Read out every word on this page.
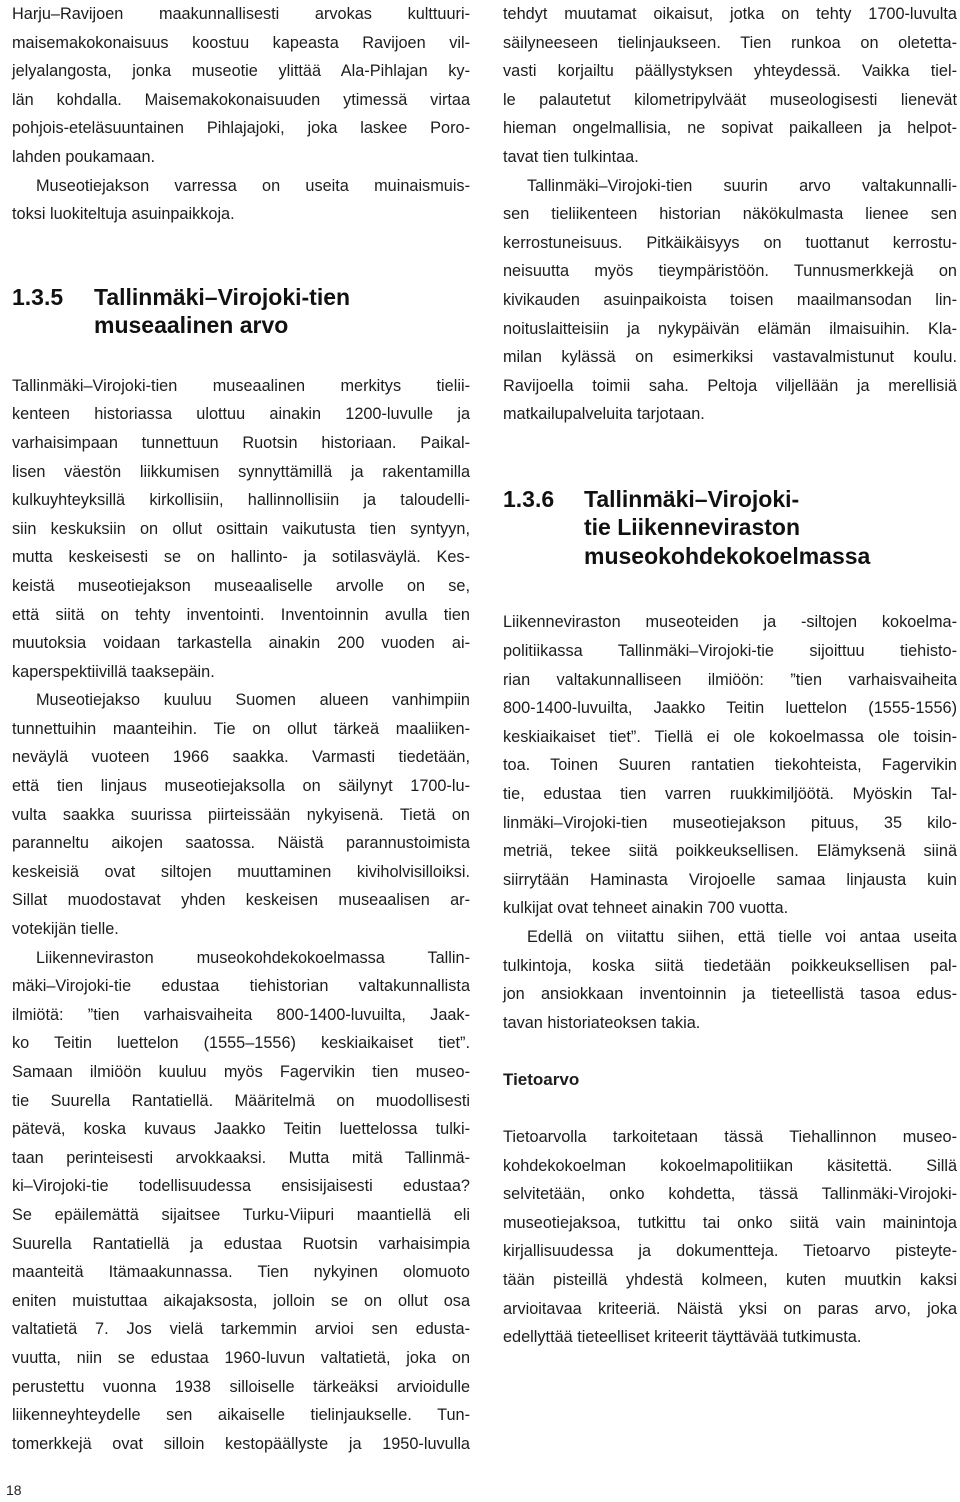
Harju–Ravijoen maakunnallisesti arvokas kulttuuri-
maisemakokonaisuus koostuu kapeasta Ravijoen vil-
jelyalangosta, jonka museotie ylittää Ala-Pihlajan ky-
län kohdalla. Maisemakokonaisuuden ytimessä virtaa
pohjois-eteläsuuntainen Pihlajajoki, joka laskee Poro-
lahden poukamaan.
Museotiejakson varressa on useita muinaismuis-
toksi luokiteltuja asuinpaikkoja.
1.3.5	Tallinmäki–Virojoki-tien
museaalinen arvo
Tallinmäki–Virojoki-tien museaalinen merkitys tielii-
kenteen historiassa ulottuu ainakin 1200-luvulle ja
varhaisimpaan tunnettuun Ruotsin historiaan. Paikal-
lisen väestön liikkumisen synnyttämillä ja rakentamilla
kulkuyhteyksillä kirkollisiin, hallinnollisiin ja taloudelli-
siin keskuksiin on ollut osittain vaikutusta tien syntyyn,
mutta keskeisesti se on hallinto- ja sotilasväylä. Kes-
keistä museotiejakson museaaliselle arvolle on se,
että siitä on tehty inventointi. Inventoinnin avulla tien
muutoksia voidaan tarkastella ainakin 200 vuoden ai-
kaperspektiivillä taaksepäin.
Museotiejakso kuuluu Suomen alueen vanhimpiin
tunnettuihin maanteihin. Tie on ollut tärkeä maaliiken-
neväylä vuoteen 1966 saakka. Varmasti tiedetään,
että tien linjaus museotiejaksolla on säilynyt 1700-lu-
vulta saakka suurissa piirteissään nykyisenä. Tietä on
paranneltu aikojen saatossa. Näistä parannustoimista
keskeisiä ovat siltojen muuttaminen kiviholvisilloiksi.
Sillat muodostavat yhden keskeisen museaalisen ar-
votekijän tielle.
Liikenneviraston museokohdekokoelmassa Tallin-
mäki–Virojoki-tie edustaa tiehistorian valtakunnallista
ilmiötä: ”tien varhaisvaiheita 800-1400-luvuilta, Jaak-
ko Teitin luettelon (1555–1556) keskiaikaiset tiet”.
Samaan ilmiöön kuuluu myös Fagervikin tien museo-
tie Suurella Rantatiellä. Määritelmä on muodollisesti
pätevä, koska kuvaus Jaakko Teitin luettelossa tulki-
taan perinteisesti arvokkaaksi. Mutta mitä Tallinmä-
ki–Virojoki-tie todellisuudessa ensisijaisesti edustaa?
Se epäilemättä sijaitsee Turku-Viipuri maantiellä eli
Suurella Rantatiellä ja edustaa Ruotsin varhaisimpia
maanteitä Itämaakunnassa. Tien nykyinen olomuoto
eniten muistuttaa aikajaksosta, jolloin se on ollut osa
valtatietä 7. Jos vielä tarkemmin arvioi sen edusta-
vuutta, niin se edustaa 1960-luvun valtatietä, joka on
perustettu vuonna 1938 silloiselle tärkeäksi arvioidulle
liikenneyhteydelle sen aikaiselle tielinjaukselle. Tun-
tomerkkejä ovat silloin kestopäällyste ja 1950-luvulla
tehdyt muutamat oikaisut, jotka on tehty 1700-luvulta
säilyneeseen tielinjaukseen. Tien runkoa on oletetta-
vasti korjailtu päällystyksen yhteydessä. Vaikka tiel-
le palautetut kilometripylväät museologisesti lienevät
hieman ongelmallisia, ne sopivat paikalleen ja helpot-
tavat tien tulkintaa.
Tallinmäki–Virojoki-tien suurin arvo valtakunnalli-
sen tieliikenteen historian näkökulmasta lienee sen
kerrostuneisuus. Pitkäikäisyys on tuottanut kerrostu-
neisuutta myös tieympäristöön. Tunnusmerkkejä on
kivikauden asuinpaikoista toisen maailmansodan lin-
noituslaitteisiin ja nykypäivän elämän ilmaisuihin. Kla-
milan kylässä on esimerkiksi vastavalmistunut koulu.
Ravijoella toimii saha. Peltoja viljellään ja merellisiä
matkailupalveluita tarjotaan.
1.3.6	Tallinmäki–Virojoki-
tie Liikenneviraston
museokohdekokoelmassa
Liikenneviraston museoteiden ja -siltojen kokoelma-
politiikassa Tallinmäki–Virojoki-tie sijoittuu tiehisto-
rian valtakunnalliseen ilmiöön: ”tien varhaisvaiheita
800-1400-luvuilta, Jaakko Teitin luettelon (1555-1556)
keskiaikaiset tiet”. Tiellä ei ole kokoelmassa ole toisin-
toa. Toinen Suuren rantatien tiekohteista, Fagervikin
tie, edustaa tien varren ruukkimiljöötä. Myöskin Tal-
linmäki–Virojoki-tien museotiejakson pituus, 35 kilo-
metriä, tekee siitä poikkeuksellisen. Elämyksenä siinä
siirrytään Haminasta Virojoelle samaa linjausta kuin
kulkijat ovat tehneet ainakin 700 vuotta.
Edellä on viitattu siihen, että tielle voi antaa useita
tulkintoja, koska siitä tiedetään poikkeuksellisen pal-
jon ansiokkaan inventoinnin ja tieteellistä tasoa edus-
tavan historiateoksen takia.
Tietoarvo
Tietoarvolla tarkoitetaan tässä Tiehallinnon museo-
kohdekokoelman kokoelmapolitiikan käsitettä. Sillä
selvitetään, onko kohdetta, tässä Tallinmäki-Virojoki-
museotiejaksoa, tutkittu tai onko siitä vain mainintoja
kirjallisuudessa ja dokumentteja. Tietoarvo pisteyte-
tään pisteillä yhdestä kolmeen, kuten muutkin kaksi
arvioitavaa kriteeriä. Näistä yksi on paras arvo, joka
edellyttää tieteelliset kriteerit täyttävää tutkimusta.
18
